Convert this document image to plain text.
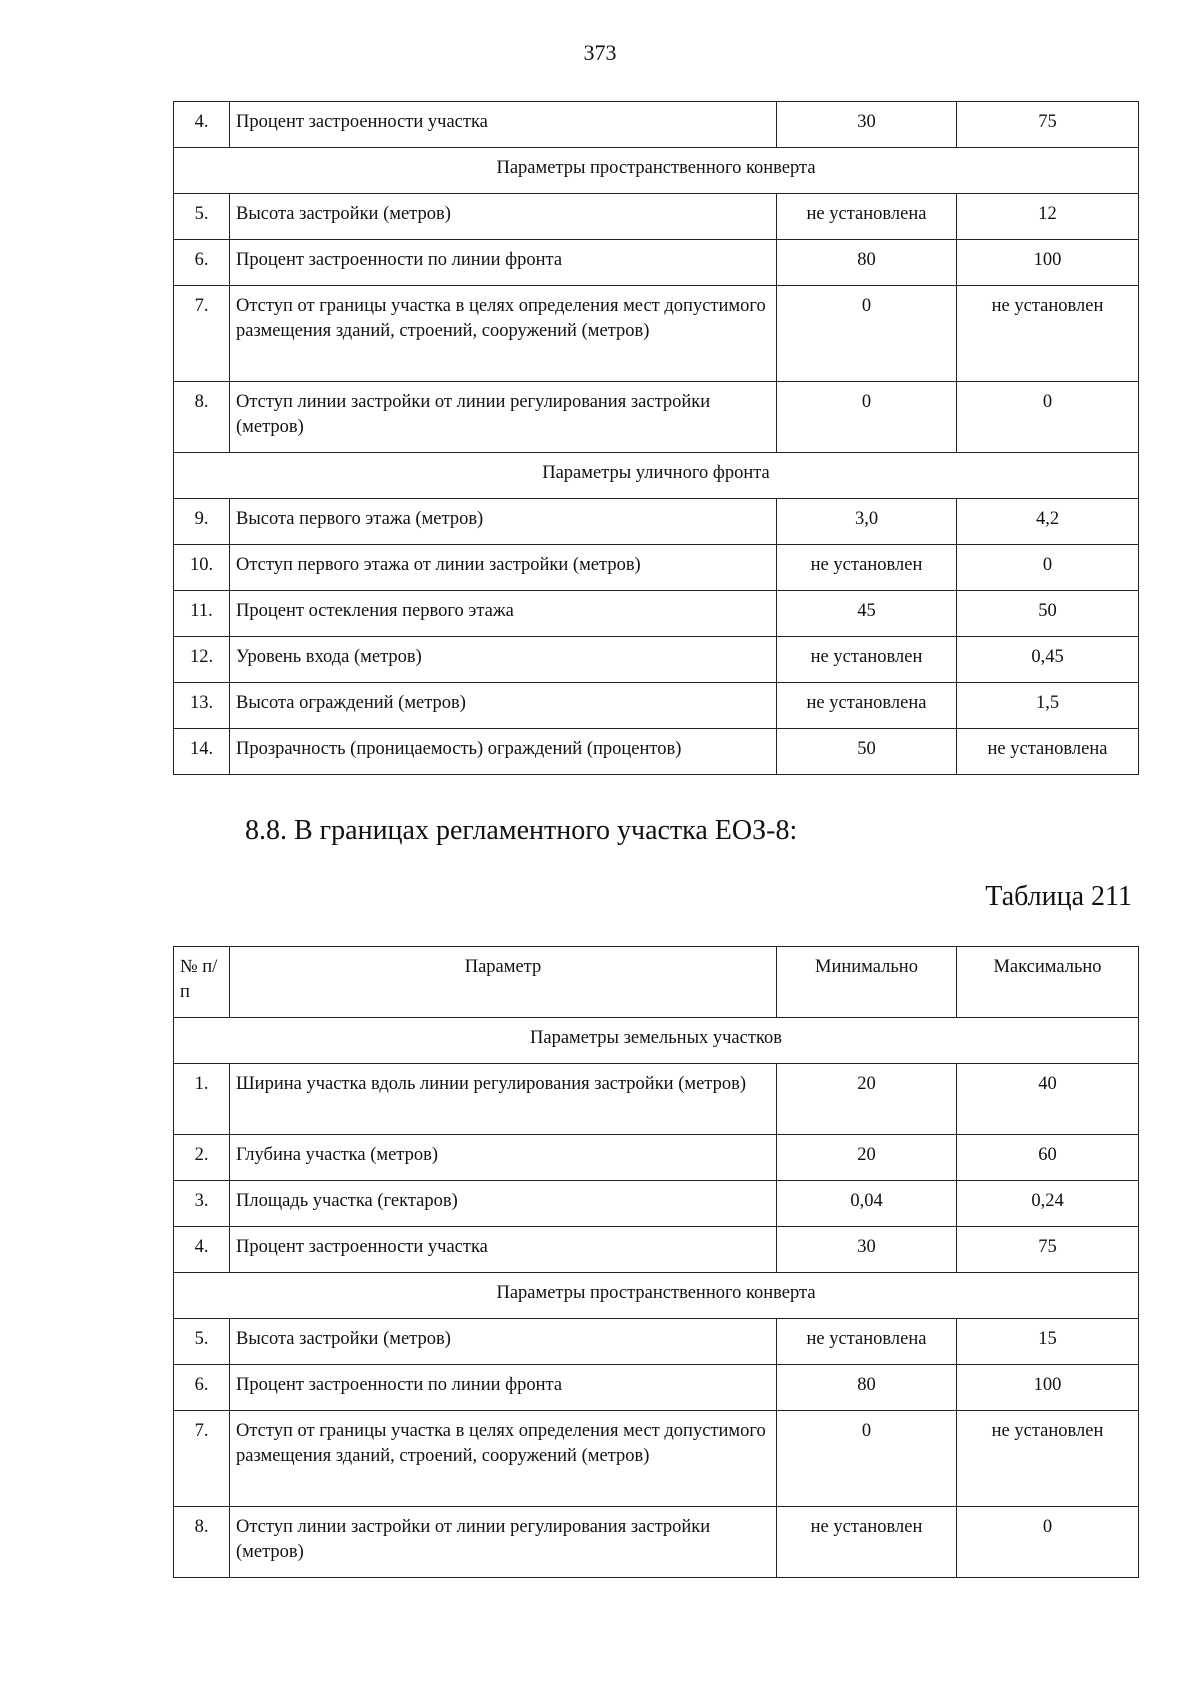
373
4.	Процент застроенности участка	30	75
Параметры пространственного конверта			
5.	Высота застройки (метров)	не установлена	12
6.	Процент застроенности по линии фронта	80	100
7.	Отступ от границы участка в целях определения мест допустимого размещения зданий, строений, сооружений (метров)	0	не установлен
8.	Отступ линии застройки от линии регулирования застройки (метров)	0	0
Параметры уличного фронта			
9.	Высота первого этажа (метров)	3,0	4,2
10.	Отступ первого этажа от линии застройки (метров)	не установлен	0
11.	Процент остекления первого этажа	45	50
12.	Уровень входа (метров)	не установлен	0,45
13.	Высота ограждений (метров)	не установлена	1,5
14.	Прозрачность (проницаемость) ограждений (процентов)	50	не установлена
8.8. В границах регламентного участка ЕОЗ-8:
Таблица 211
№ п/п	Параметр	Минимально	Максимально
Параметры земельных участков			
1.	Ширина участка вдоль линии регулирования застройки (метров)	20	40
2.	Глубина участка (метров)	20	60
3.	Площадь участка (гектаров)	0,04	0,24
4.	Процент застроенности участка	30	75
Параметры пространственного конверта			
5.	Высота застройки (метров)	не установлена	15
6.	Процент застроенности по линии фронта	80	100
7.	Отступ от границы участка в целях определения мест допустимого размещения зданий, строений, сооружений (метров)	0	не установлен
8.	Отступ линии застройки от линии регулирования застройки (метров)	не установлен	0
